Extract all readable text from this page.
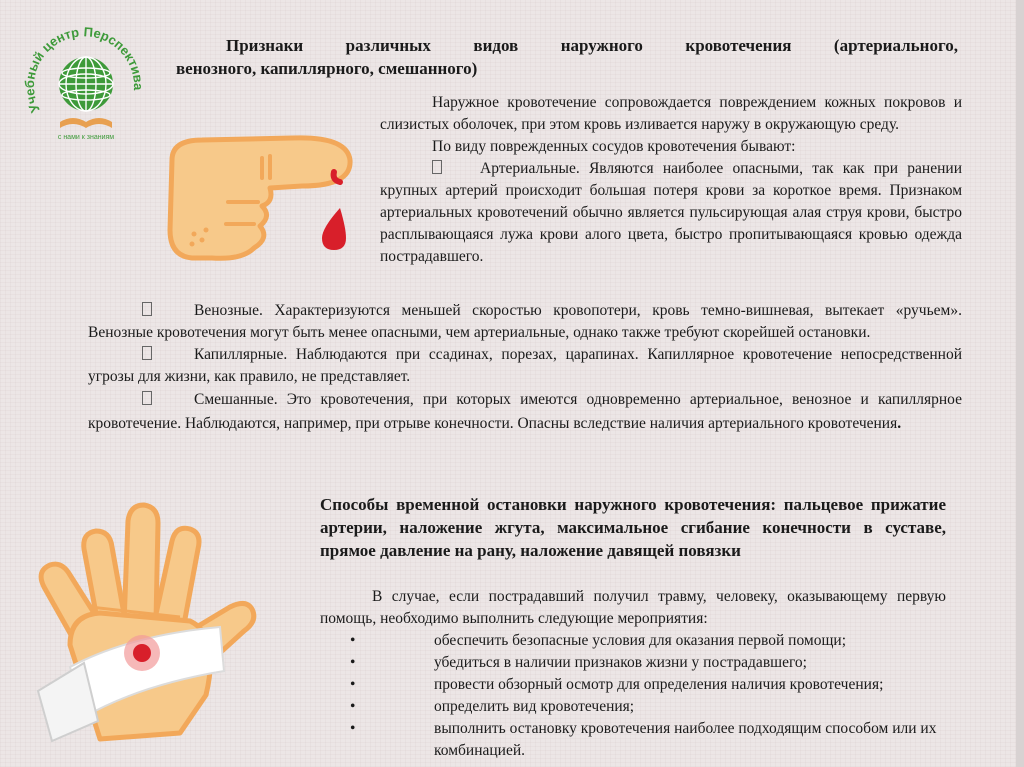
Учебный центр Перспектива
с нами к знаниям
Признаки различных видов наружного кровотечения (артериального,
венозного, капиллярного, смешанного)

Наружное кровотечение сопровождается повреждением кожных покровов и слизистых оболочек, при этом кровь изливается наружу в окружающую среду.

По виду поврежденных сосудов кровотечения бывают:

Артериальные. Являются наиболее опасными, так как при ранении крупных артерий происходит большая потеря крови за короткое время. Признаком артериальных кровотечений обычно является пульсирующая алая струя крови, быстро расплывающаяся лужа крови алого цвета, быстро пропитывающаяся кровью одежда пострадавшего.

Венозные. Характеризуются меньшей скоростью кровопотери, кровь темно-вишневая, вытекает «ручьем». Венозные кровотечения могут быть менее опасными, чем артериальные, однако также требуют скорейшей остановки.

Капиллярные. Наблюдаются при ссадинах, порезах, царапинах. Капиллярное кровотечение непосредственной угрозы для жизни, как правило, не представляет.

Смешанные. Это кровотечения, при которых имеются одновременно артериальное, венозное и капиллярное кровотечение. Наблюдаются, например, при отрыве конечности. Опасны вследствие наличия артериального кровотечения.

Способы временной остановки наружного кровотечения: пальцевое прижатие артерии, наложение жгута, максимальное сгибание конечности в суставе, прямое давление на рану, наложение давящей повязки

В случае, если пострадавший получил травму, человеку, оказывающему первую помощь, необходимо выполнить следующие мероприятия:

•	обеспечить безопасные условия для оказания первой помощи;
•	убедиться в наличии признаков жизни у пострадавшего;
•	провести обзорный осмотр для определения наличия кровотечения;
•	определить вид кровотечения;
•	выполнить остановку кровотечения наиболее подходящим способом или их комбинацией.
